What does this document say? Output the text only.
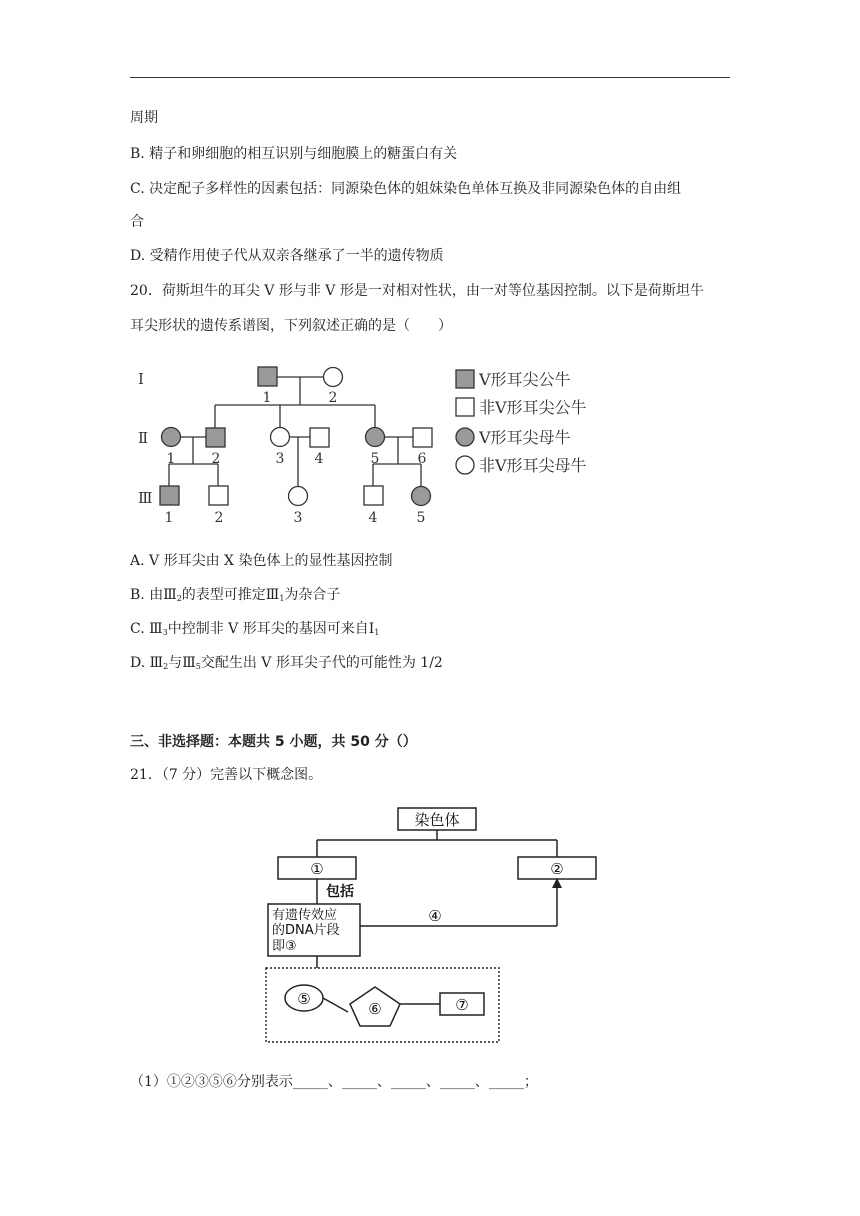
周期
B. 精子和卵细胞的相互识别与细胞膜上的糖蛋白有关
C. 决定配子多样性的因素包括：同源染色体的姐妹染色单体互换及非同源染色体的自由组
合
D. 受精作用使子代从双亲各继承了一半的遗传物质
20．荷斯坦牛的耳尖 V 形与非 V 形是一对相对性状，由一对等位基因控制。以下是荷斯坦牛
耳尖形状的遗传系谱图，下列叙述正确的是（　　）
I
Ⅱ
Ⅲ
1	2
1	2	3 4	5	6
1	2	3	4	5
V形耳尖公牛
非V形耳尖公牛
V形耳尖母牛
非V形耳尖母牛
A. V 形耳尖由 X 染色体上的显性基因控制
B. 由$Ⅲ_2$的表型可推定$Ⅲ_1$为杂合子
C. $Ⅲ_3$中控制非 V 形耳尖的基因可来自$Ⅰ_1$
D. $Ⅲ_2$与$Ⅲ_5$交配生出 V 形耳尖子代的可能性为 1/2
三、非选择题：本题共 5 小题，共 50 分（）
21．（7 分）完善以下概念图。
染色体
①	②
④
⑤
⑥	⑦
包括
有遗传效应
的DNA片段
即③
（1）①②③⑤⑥分别表示_____、_____、_____、_____、_____；
